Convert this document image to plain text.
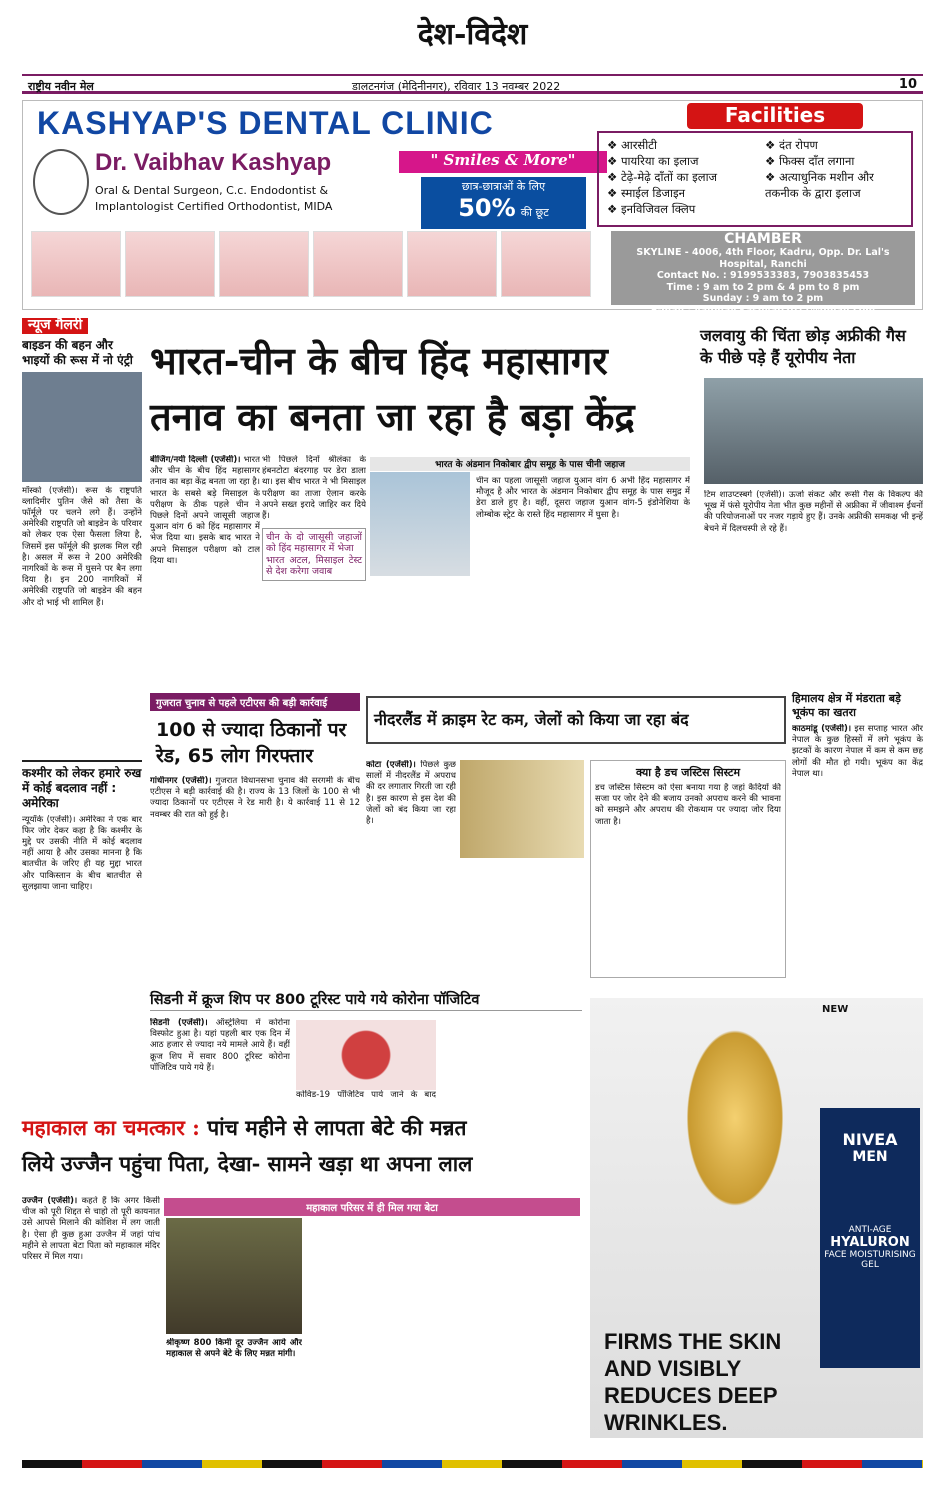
देश-विदेश
राष्ट्रीय नवीन मेल	डालटनगंज (मेदिनीनगर), रविवार 13 नवम्बर 2022	10
KASHYAP'S DENTAL CLINIC
Dr. Vaibhav Kashyap
Oral & Dental Surgeon, C.c. Endodontist &
Implantologist Certified Orthodontist, MIDA
" Smiles & More"
छात्र-छात्राओं के लिए
50% की छूट
Facilities
❖ आरसीटी
❖ पायरिया का इलाज
❖ टेढ़े-मेढ़े दाँतों का इलाज
❖ स्माईल डिजाइन
❖ इनविजिवल क्लिप
❖ दंत रोपण
❖ फिक्स दाँत लगाना
❖ अत्याधुनिक मशीन और तकनीक के द्वारा इलाज
CHAMBER
SKYLINE - 4006, 4th Floor, Kadru, Opp. Dr. Lal's Hospital, Ranchi
Contact No. : 9199533383, 7903835453
Time : 9 am to 2 pm & 4 pm to 8 pm
Sunday : 9 am to 2 pm
E-mail : vaibhav.kashyap2011@gmail.com
न्यूज गैलरी
बाइडन की बहन और भाइयों की रूस में नो एंट्री
मॉस्को (एजेंसी)। रूस के राष्ट्रपति व्लादिमीर पुतिन जैसे को तैसा के फॉर्मूले पर चलने लगे हैं। उन्होंने अमेरिकी राष्ट्रपति जो बाइडेन के परिवार को लेकर एक ऐसा फैसला लिया है, जिसमें इस फॉर्मूले की झलक मिल रही है। असल में रूस ने 200 अमेरिकी नागरिकों के रूस में घुसने पर बैन लगा दिया है। इन 200 नागरिकों में अमेरिकी राष्ट्रपति जो बाइडेन की बहन और दो भाई भी शामिल हैं।
कश्मीर को लेकर हमारे रुख में कोई बदलाव नहीं : अमेरिका
न्यूयॉर्क (एजेंसी)। अमेरिका ने एक बार फिर जोर देकर कहा है कि कश्मीर के मुद्दे पर उसकी नीति में कोई बदलाव नहीं आया है और उसका मानना है कि बातचीत के जरिए ही यह मुद्दा भारत और पाकिस्तान के बीच बातचीत से सुलझाया जाना चाहिए।
भारत-चीन के बीच हिंद महासागर
तनाव का बनता जा रहा है बड़ा केंद्र
बीजिंग/नयी दिल्ली (एजेंसी)। भारत और चीन के बीच हिंद महासागर तनाव का बड़ा केंद्र बनता जा रहा है। भारत के सबसे बड़े मिसाइल के परीक्षण के ठीक पहले चीन ने पिछले दिनों अपने जासूसी जहाज युआन वांग 6 को हिंद महासागर में भेज दिया था। इसके बाद भारत ने अपने मिसाइल परीक्षण को टाल दिया था।
भी पिछले दिनों श्रीलंका के हंबनटोटा बंदरगाह पर डेरा डाला था। इस बीच भारत ने भी मिसाइल परीक्षण का ताजा ऐलान करके अपने सख्त इरादे जाहिर कर दिये हैं।
चीन के दो जासूसी जहाजों को हिंद महासागर में भेजा
भारत अटल, मिसाइल टेस्ट से देश करेगा जवाब
भारत के अंडमान निकोबार द्वीप समूह के पास चीनी जहाज
चीन का पहला जासूसी जहाज युआन वांग 6 अभी हिंद महासागर में मौजूद है और भारत के अंडमान निकोबार द्वीप समूह के पास समुद्र में डेरा डाले हुए है। वहीं, दूसरा जहाज युआन वांग-5 इंडोनेशिया के लोम्बोक स्ट्रेट के रास्ते हिंद महासागर में घुसा है।
जलवायु की चिंता छोड़ अफ्रीकी गैस के पीछे पड़े हैं यूरोपीय नेता
टिम शाउप्टस्बर्ग (एजेंसी)। ऊर्जा संकट और रूसी गैस के विकल्प की भूख में फंसे यूरोपीय नेता भीत कुछ महीनों से अफ्रीका में जीवाश्म ईंधनों की परियोजनाओं पर नजर गड़ाये हुए हैं। उनके अफ्रीकी समकक्ष भी इन्हें बेचने में दिलचस्पी ले रहे हैं।
गुजरात चुनाव से पहले एटीएस की बड़ी कार्रवाई
100 से ज्यादा ठिकानों पर रेड, 65 लोग गिरफ्तार
गांधीनगर (एजेंसी)। गुजरात विधानसभा चुनाव की सरगर्मी के बीच एटीएस ने बड़ी कार्रवाई की है। राज्य के 13 जिलों के 100 से भी ज्यादा ठिकानों पर एटीएस ने रेड मारी है। ये कार्रवाई 11 से 12 नवम्बर की रात को हुई है।
नीदरलैंड में क्राइम रेट कम, जेलों को किया जा रहा बंद
कोटा (एजेंसी)। पिछले कुछ सालों में नीदरलैंड में अपराध की दर लगातार गिरती जा रही है। इस कारण से इस देश की जेलों को बंद किया जा रहा है।
क्या है डच जस्टिस सिस्टम
डच जस्टिस सिस्टम को ऐसा बनाया गया है जहां कैदियों की सजा पर जोर देने की बजाय उनको अपराध करने की भावना को समझने और अपराध की रोकथाम पर ज्यादा जोर दिया जाता है।
हिमालय क्षेत्र में मंडराता बड़े भूकंप का खतरा
काठमांडू (एजेंसी)। इस सप्ताह भारत और नेपाल के कुछ हिस्सों में लगे भूकंप के झटकों के कारण नेपाल में कम से कम छह लोगों की मौत हो गयी। भूकंप का केंद्र नेपाल था।
सिडनी में क्रूज शिप पर 800 टूरिस्ट पाये गये कोरोना पॉजिटिव
सिडनी (एजेंसी)। ऑस्ट्रेलिया में कोरोना विस्फोट हुआ है। यहां पहली बार एक दिन में आठ हजार से ज्यादा नये मामले आये हैं। वहीं क्रूज शिप में सवार 800 टूरिस्ट कोरोना पॉजिटिव पाये गये हैं।
कोविड-19 पॉजिटिव पाये जाने के बाद
NEW
NIVEA
MEN
ANTI-AGE
HYALURON
FACE MOISTURISING GEL
FIRMS THE SKIN AND VISIBLY REDUCES DEEP WRINKLES.
महाकाल का चमत्कार : पांच महीने से लापता बेटे की मन्नत
लिये उज्जैन पहुंचा पिता, देखा- सामने खड़ा था अपना लाल
उज्जैन (एजेंसी)। कहते हैं कि अगर किसी चीज को पूरी शिद्दत से चाहो तो पूरी कायनात उसे आपसे मिलाने की कोशिश में लग जाती है। ऐसा ही कुछ हुआ उज्जैन में जहां पांच महीने से लापता बेटा पिता को महाकाल मंदिर परिसर में मिल गया।
महाकाल परिसर में ही मिल गया बेटा
श्रीकृष्ण 800 किमी दूर उज्जैन आये और महाकाल से अपने बेटे के लिए मन्नत मांगी।
